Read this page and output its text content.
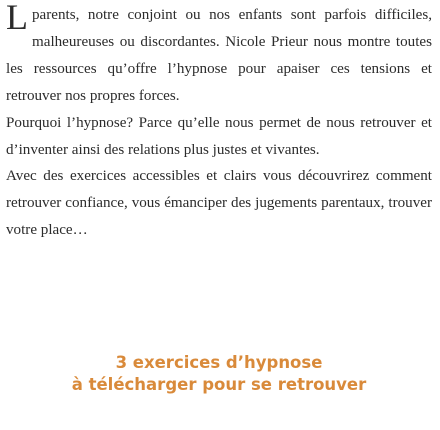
Lparents, notre conjoint ou nos enfants sont parfois difficiles, malheureuses ou discordantes. Nicole Prieur nous montre toutes les ressources qu’offre l’hypnose pour apaiser ces tensions et retrouver nos propres forces.

Pourquoi l’hypnose? Parce qu’elle nous permet de nous retrouver et d’inventer ainsi des relations plus justes et vivantes.

Avec des exercices accessibles et clairs vous découvrirez comment retrouver confiance, vous émanciper des jugements parentaux, trouver votre place…

3 exercices d’hypnose
à télécharger pour se retrouver
